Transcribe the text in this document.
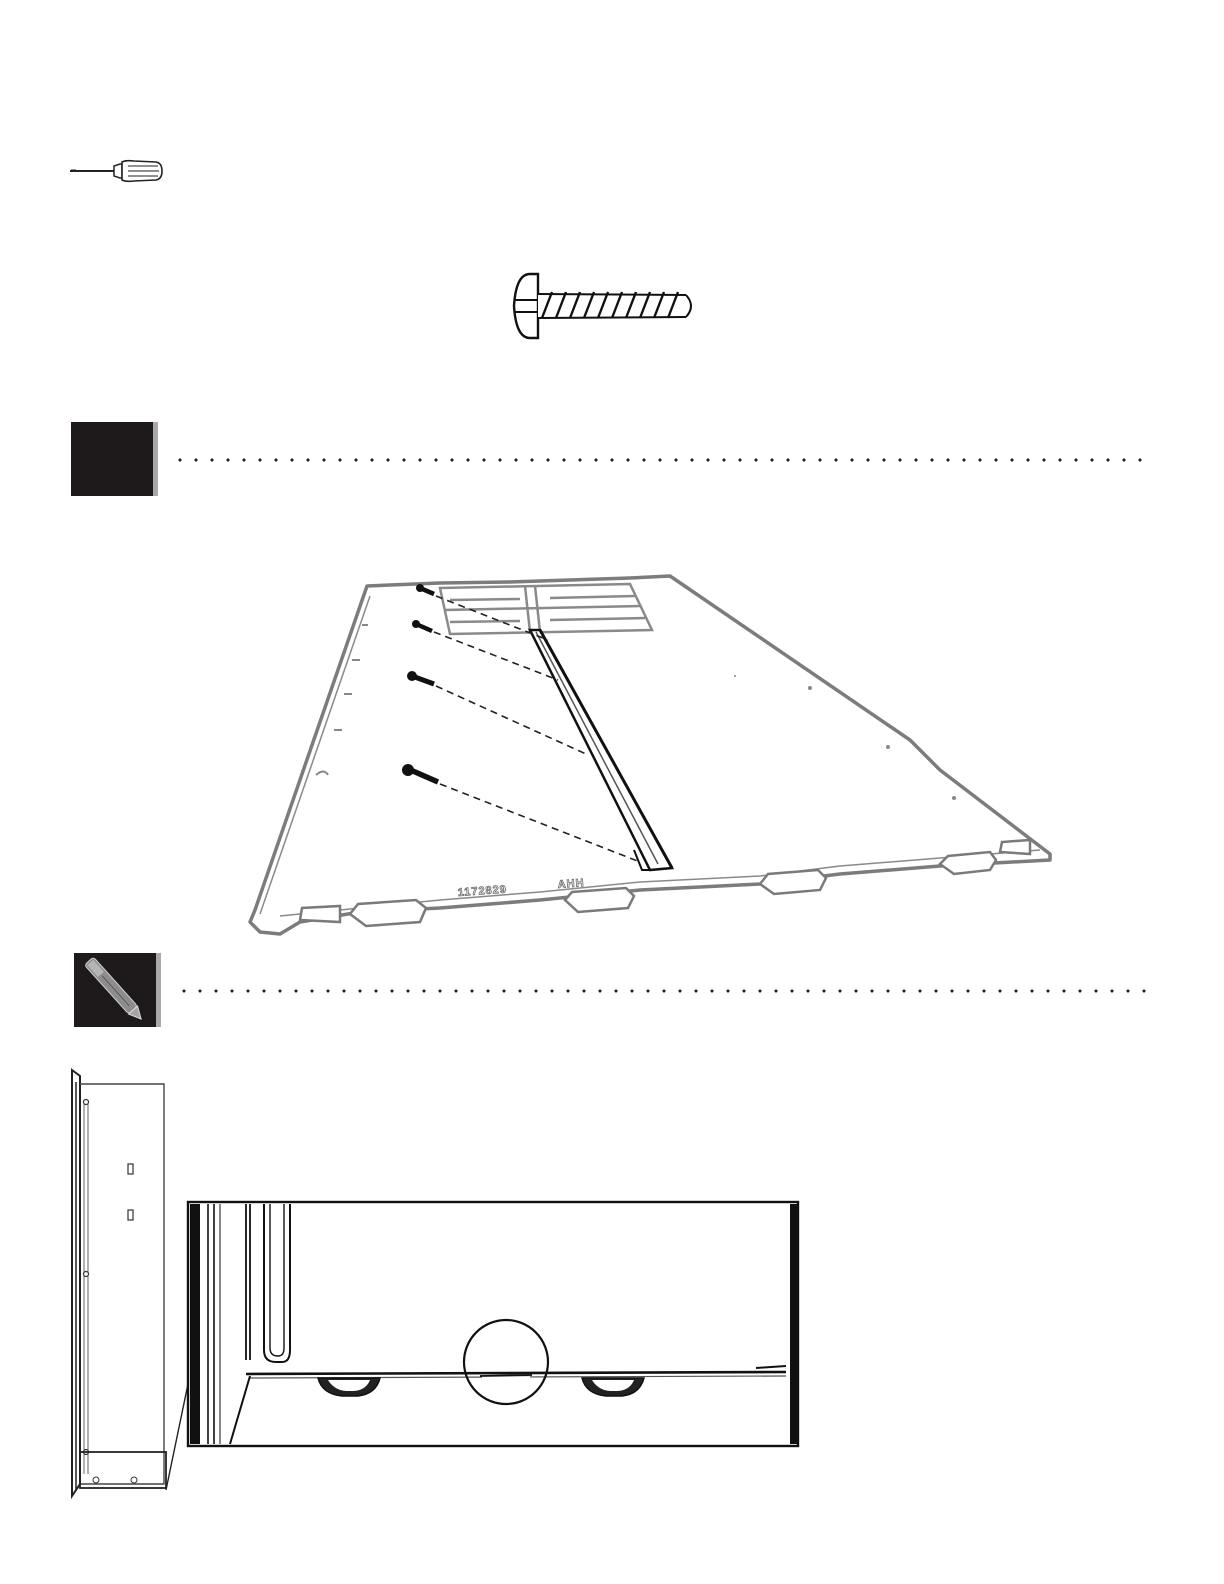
1172829	AHH
